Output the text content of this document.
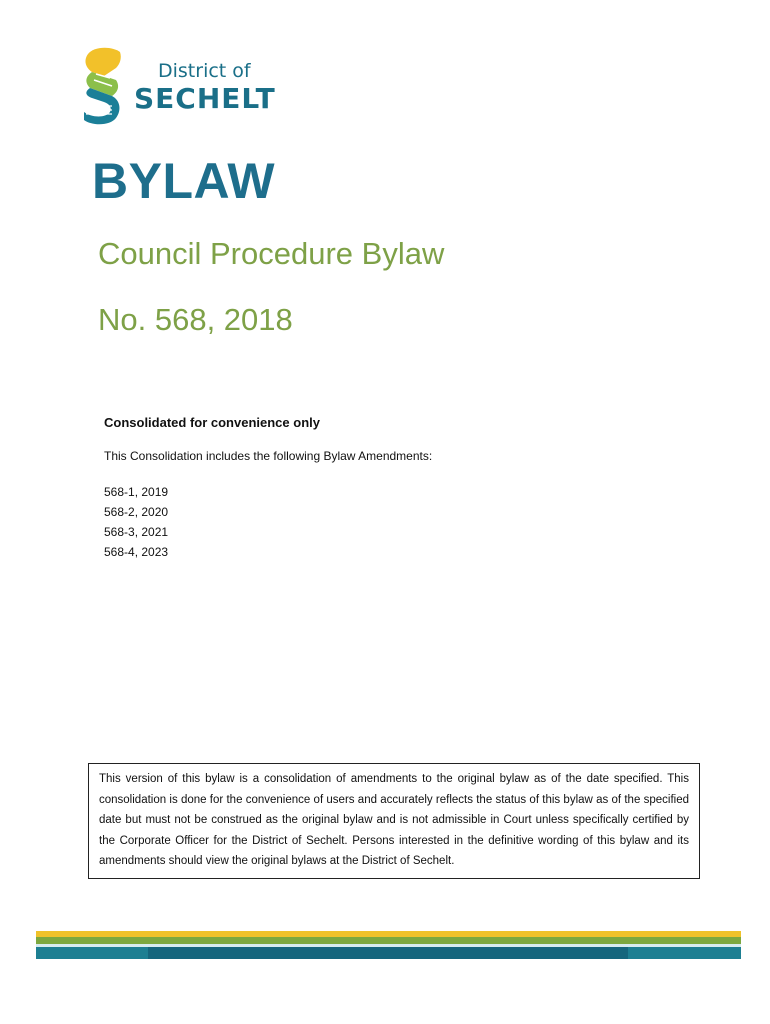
District of
SECHELT
BYLAW
Council Procedure Bylaw
No. 568, 2018
Consolidated for convenience only
This Consolidation includes the following Bylaw Amendments:
568-1, 2019
568-2, 2020
568-3, 2021
568-4, 2023
This version of this bylaw is a consolidation of amendments to the original bylaw as of the date specified. This consolidation is done for the convenience of users and accurately reflects the status of this bylaw as of the specified date but must not be construed as the original bylaw and is not admissible in Court unless specifically certified by the Corporate Officer for the District of Sechelt. Persons interested in the definitive wording of this bylaw and its amendments should view the original bylaws at the District of Sechelt.
